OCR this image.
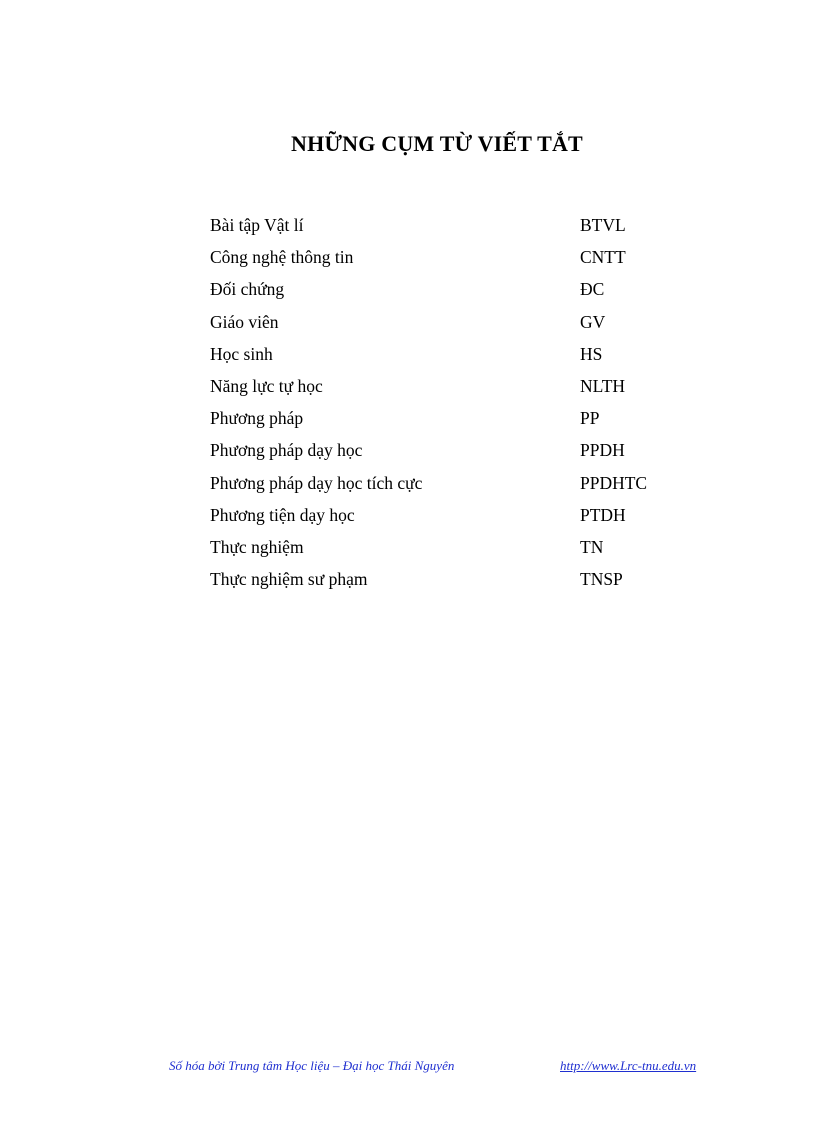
NHỮNG CỤM TỪ VIẾT TẮT
Bài tập Vật lí	BTVL
Công nghệ thông tin	CNTT
Đối chứng	ĐC
Giáo viên	GV
Học sinh	HS
Năng lực tự học	NLTH
Phương pháp	PP
Phương pháp dạy học	PPDH
Phương pháp dạy học tích cực	PPDHTC
Phương tiện dạy học	PTDH
Thực nghiệm	TN
Thực nghiệm sư phạm	TNSP
Số hóa bởi Trung tâm Học liệu – Đại học Thái Nguyên	http://www.Lrc-tnu.edu.vn
